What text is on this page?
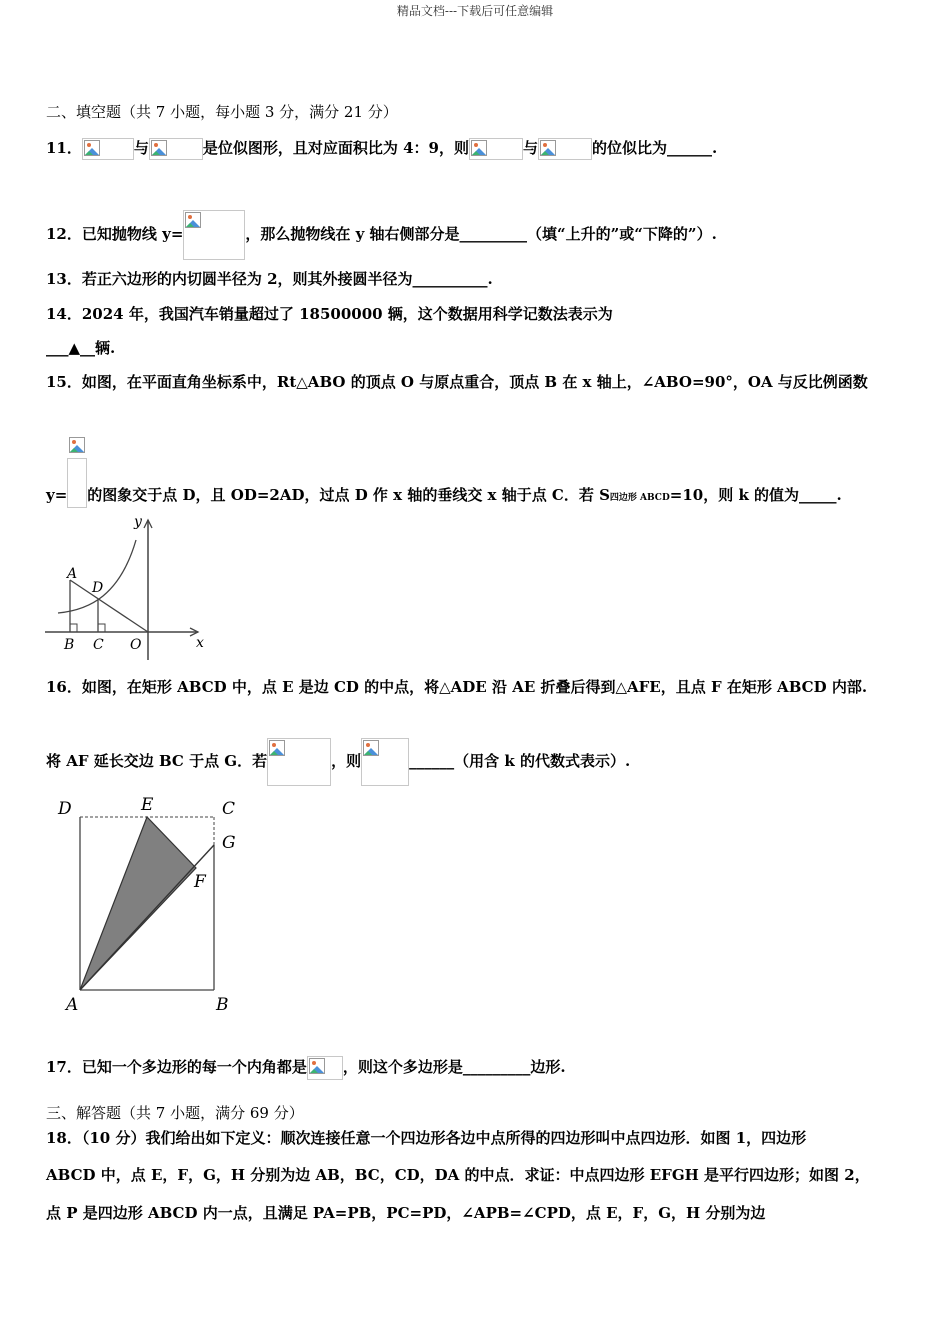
精品文档---下载后可任意编辑
二、填空题（共 7 小题，每小题 3 分，满分 21 分）
11．	与	是位似图形，且对应面积比为 4：9，则	与	的位似比为______.
12．已知抛物线 y=	，那么抛物线在 y 轴右侧部分是_________（填“上升的”或“下降的”）.
13．若正六边形的内切圆半径为 2，则其外接圆半径为__________.
14．2024 年，我国汽车销量超过了 18500000 辆，这个数据用科学记数法表示为
___▲__辆.
15．如图，在平面直角坐标系中，Rt△ABO 的顶点 O 与原点重合，顶点 B 在 x 轴上，∠ABO=90°，OA 与反比例函数
y= 的图象交于点 D，且 OD=2AD，过点 D 作 x 轴的垂线交 x 轴于点 C．若 S四边形 ABCD=10，则 k 的值为_____.
y
x
A
D
B C O
16．如图，在矩形 ABCD 中，点 E 是边 CD 的中点，将△ADE 沿 AE 折叠后得到△AFE，且点 F 在矩形 ABCD 内部.
将 AF 延长交边 BC 于点 G．若	，则	______（用含 k 的代数式表示）.
D	E	C
G
F
A	B
17．已知一个多边形的每一个内角都是 ，则这个多边形是_________边形.
三、解答题（共 7 小题，满分 69 分）
18．（10 分）我们给出如下定义：顺次连接任意一个四边形各边中点所得的四边形叫中点四边形．如图 1，四边形
ABCD 中，点 E，F，G，H 分别为边 AB，BC，CD，DA 的中点．求证：中点四边形 EFGH 是平行四边形；如图 2，
点 P 是四边形 ABCD 内一点，且满足 PA=PB，PC=PD，∠APB=∠CPD，点 E，F，G，H 分别为边
